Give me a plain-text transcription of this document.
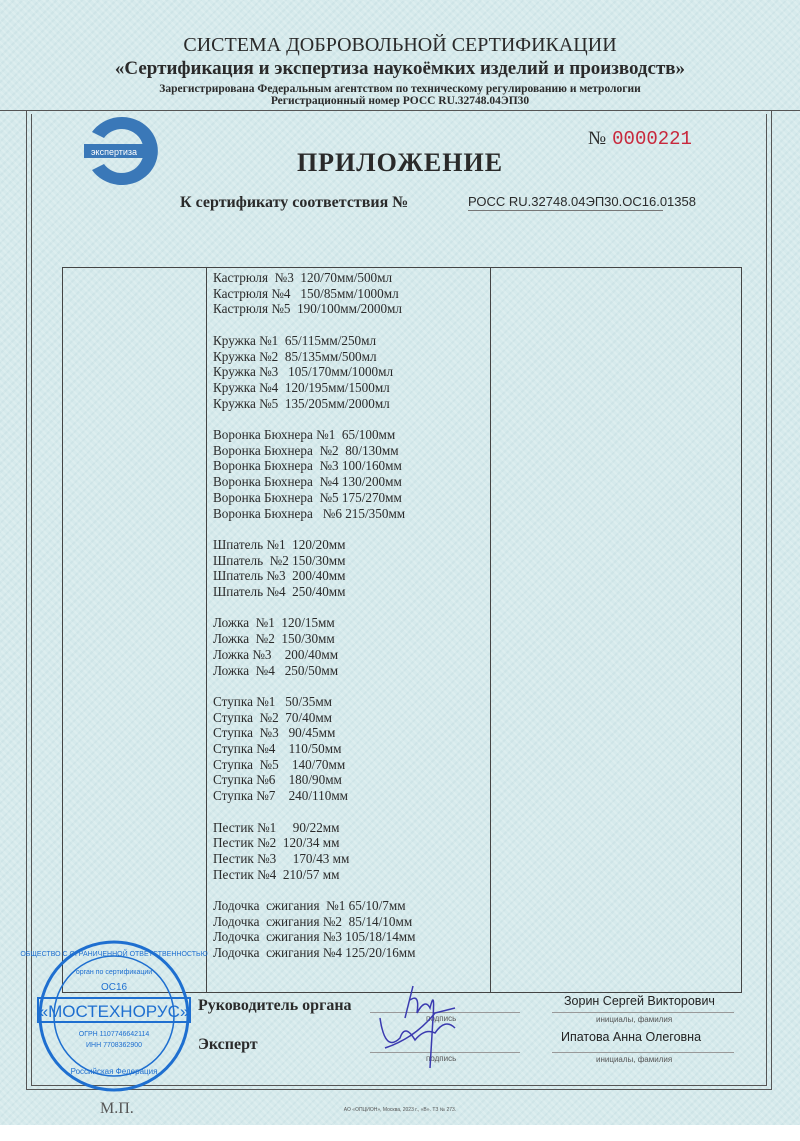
СИСТЕМА ДОБРОВОЛЬНОЙ СЕРТИФИКАЦИИ
«Сертификация и экспертиза наукоёмких изделий и производств»
Зарегистрирована Федеральным агентством по техническому регулированию и метрологии
Регистрационный номер РОСС RU.32748.04ЭП30
экспертиза
№ 0000221
ПРИЛОЖЕНИЕ
К сертификату соответствия №	РОСС RU.32748.04ЭП30.ОС16.01358
Кастрюля  №3  120/70мм/500мл
Кастрюля №4   150/85мм/1000мл
Кастрюля №5  190/100мм/2000мл
Кружка №1  65/115мм/250мл
Кружка №2  85/135мм/500мл
Кружка №3   105/170мм/1000мл
Кружка №4  120/195мм/1500мл
Кружка №5  135/205мм/2000мл
Воронка Бюхнера №1  65/100мм
Воронка Бюхнера  №2  80/130мм
Воронка Бюхнера  №3 100/160мм
Воронка Бюхнера  №4 130/200мм
Воронка Бюхнера  №5 175/270мм
Воронка Бюхнера   №6 215/350мм
Шпатель №1  120/20мм
Шпатель  №2 150/30мм
Шпатель №3  200/40мм
Шпатель №4  250/40мм
Ложка  №1  120/15мм
Ложка  №2  150/30мм
Ложка №3    200/40мм
Ложка  №4   250/50мм
Ступка №1   50/35мм
Ступка  №2  70/40мм
Ступка  №3   90/45мм
Ступка №4    110/50мм
Ступка  №5    140/70мм
Ступка №6    180/90мм
Ступка №7    240/110мм
Пестик №1     90/22мм
Пестик №2  120/34 мм
Пестик №3     170/43 мм
Пестик №4  210/57 мм
Лодочка  сжигания  №1 65/10/7мм
Лодочка  сжигания №2  85/14/10мм
Лодочка  сжигания №3 105/18/14мм
Лодочка  сжигания №4 125/20/16мм
ОБЩЕСТВО С ОГРАНИЧЕННОЙ ОТВЕТСТВЕННОСТЬЮ
орган по сертификации
ОС16
«МОСТЕХНОРУС»
ОГРН 1107746642114
ИНН 7708362900
Российская Федерация
М.П.
Руководитель органа
Эксперт
подпись
подпись
Зорин Сергей Викторович
Ипатова Анна Олеговна
инициалы, фамилия
инициалы, фамилия
АО «ОПЦИОН», Москва, 2023 г., «В». ТЗ № 273.
